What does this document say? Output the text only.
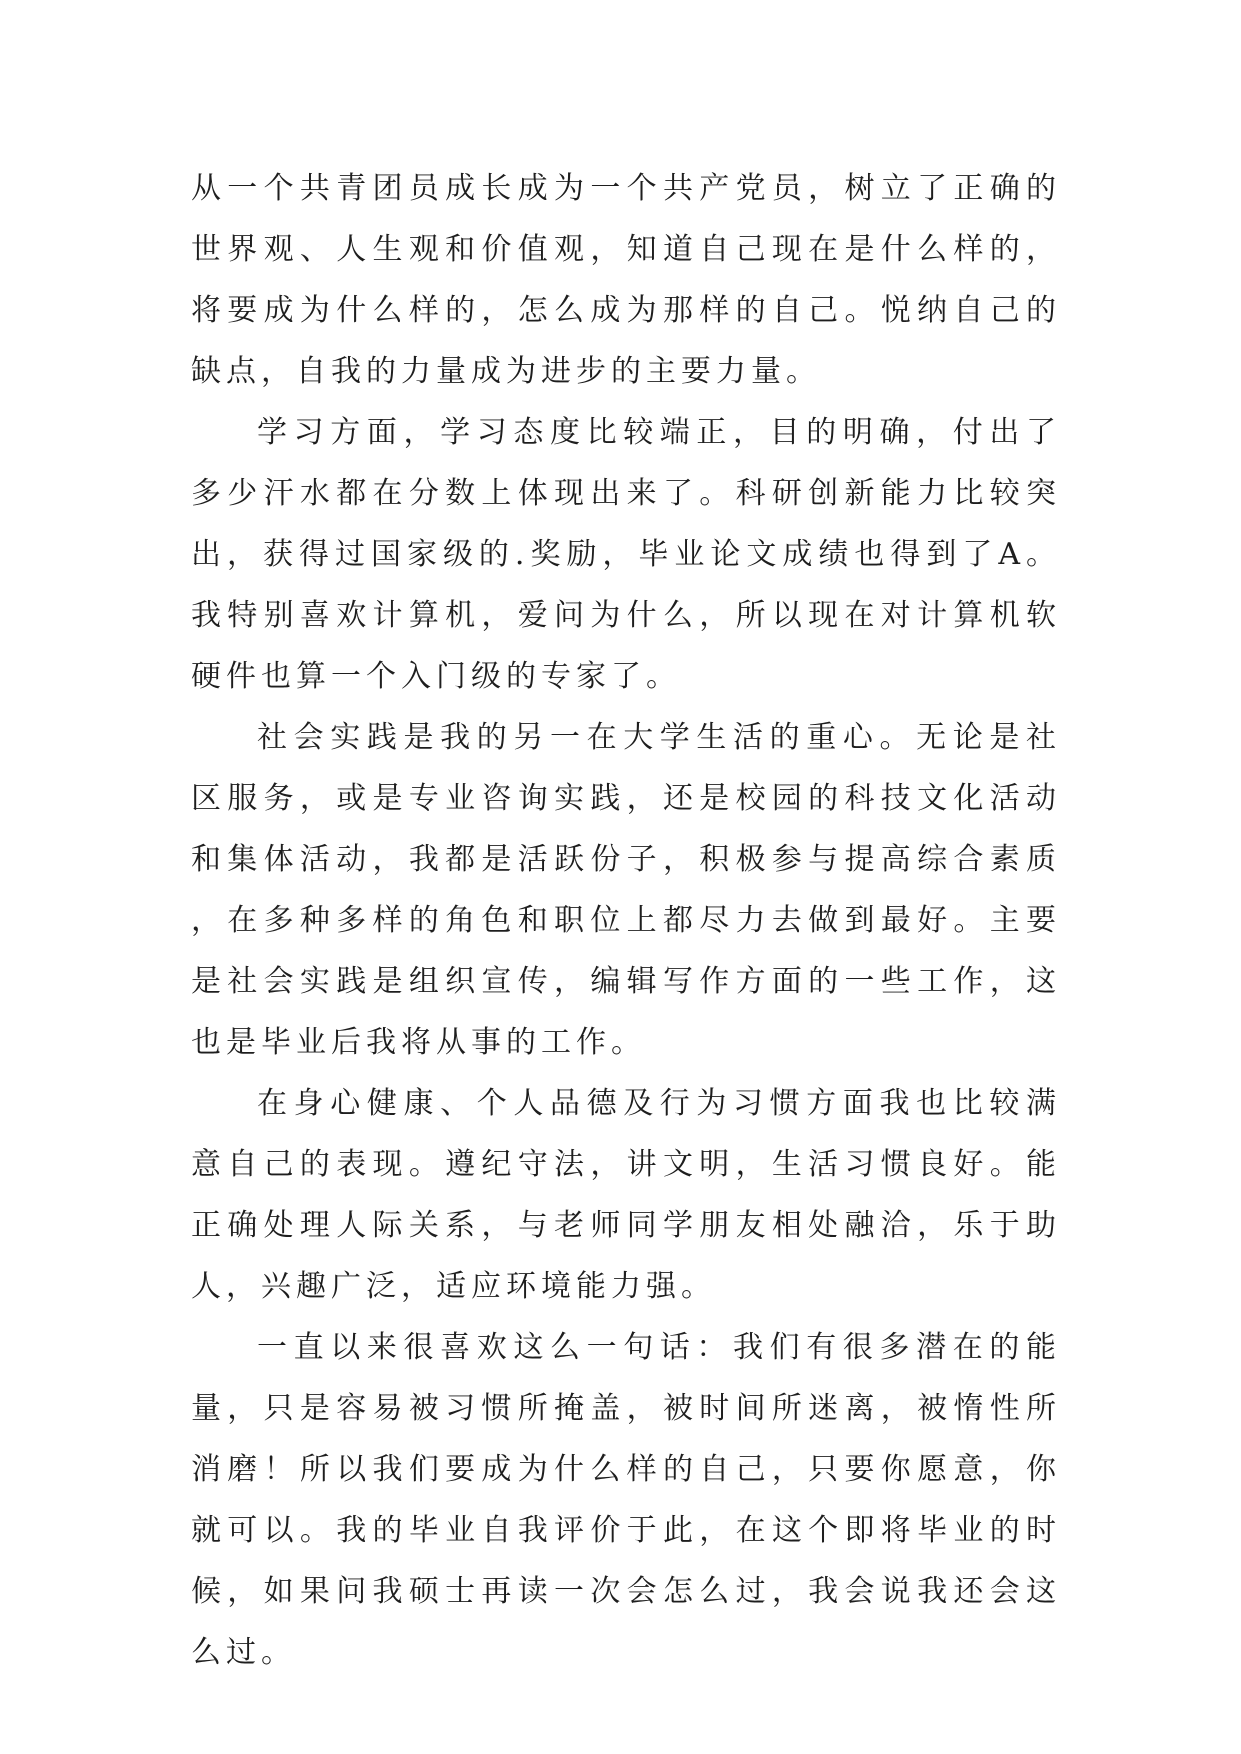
从一个共青团员成长成为一个共产党员，树立了正确的世界观、人生观和价值观，知道自己现在是什么样的，将要成为什么样的，怎么成为那样的自己。悦纳自己的缺点，自我的力量成为进步的主要力量。

学习方面，学习态度比较端正，目的明确，付出了多少汗水都在分数上体现出来了。科研创新能力比较突出，获得过国家级的.奖励，毕业论文成绩也得到了A。我特别喜欢计算机，爱问为什么，所以现在对计算机软硬件也算一个入门级的专家了。

社会实践是我的另一在大学生活的重心。无论是社区服务，或是专业咨询实践，还是校园的科技文化活动和集体活动，我都是活跃份子，积极参与提高综合素质，在多种多样的角色和职位上都尽力去做到最好。主要是社会实践是组织宣传，编辑写作方面的一些工作，这也是毕业后我将从事的工作。

在身心健康、个人品德及行为习惯方面我也比较满意自己的表现。遵纪守法，讲文明，生活习惯良好。能正确处理人际关系，与老师同学朋友相处融洽，乐于助人，兴趣广泛，适应环境能力强。

一直以来很喜欢这么一句话：我们有很多潜在的能量，只是容易被习惯所掩盖，被时间所迷离，被惰性所消磨！所以我们要成为什么样的自己，只要你愿意，你就可以。我的毕业自我评价于此，在这个即将毕业的时候，如果问我硕士再读一次会怎么过，我会说我还会这么过。
